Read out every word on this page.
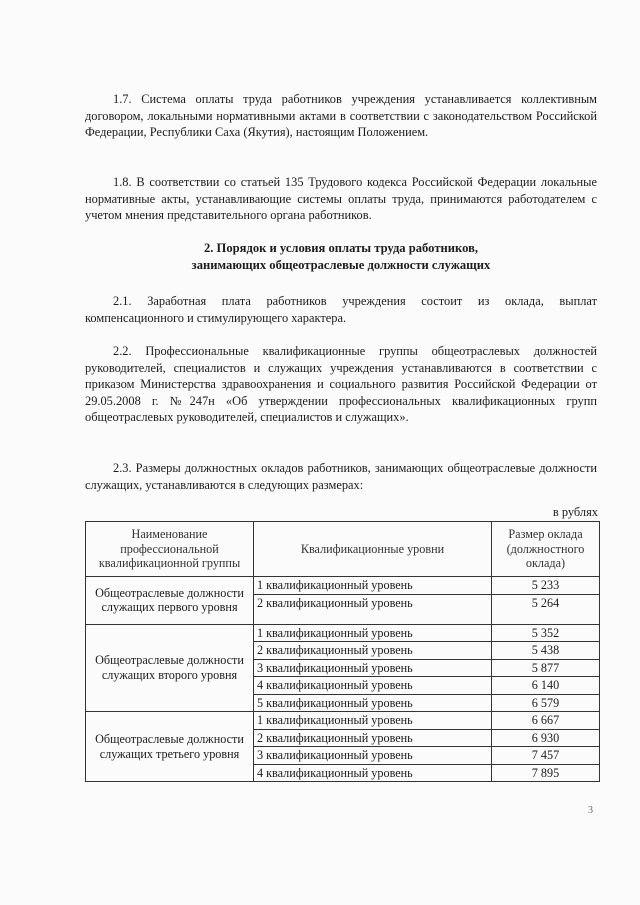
1.7. Система оплаты труда работников учреждения устанавливается коллективным договором, локальными нормативными актами в соответствии с законодательством Российской Федерации, Республики Саха (Якутия), настоящим Положением.

1.8. В соответствии со статьей 135 Трудового кодекса Российской Федерации локальные нормативные акты, устанавливающие системы оплаты труда, принимаются работодателем с учетом мнения представительного органа работников.

2. Порядок и условия оплаты труда работников,
занимающих общеотраслевые должности служащих

2.1. Заработная плата работников учреждения состоит из оклада, выплат компенсационного и стимулирующего характера.

2.2. Профессиональные квалификационные группы общеотраслевых должностей руководителей, специалистов и служащих учреждения устанавливаются в соответствии с приказом Министерства здравоохранения и социального развития Российской Федерации от 29.05.2008 г. №247н «Об утверждении профессиональных квалификационных групп общеотраслевых руководителей, специалистов и служащих».

2.3. Размеры должностных окладов работников, занимающих общеотраслевые должности служащих, устанавливаются в следующих размерах:

в рублях

Наименование профессиональной квалификационной группы	Квалификационные уровни	Размер оклада (должностного оклада)
Общеотраслевые должности служащих первого уровня	1 квалификационный уровень	5 233
	2 квалификационный уровень	5 264
Общеотраслевые должности служащих второго уровня	1 квалификационный уровень	5 352
	2 квалификационный уровень	5 438
	3 квалификационный уровень	5 877
	4 квалификационный уровень	6 140
	5 квалификационный уровень	6 579
Общеотраслевые должности служащих третьего уровня	1 квалификационный уровень	6 667
	2 квалификационный уровень	6 930
	3 квалификационный уровень	7 457
	4 квалификационный уровень	7 895

3
